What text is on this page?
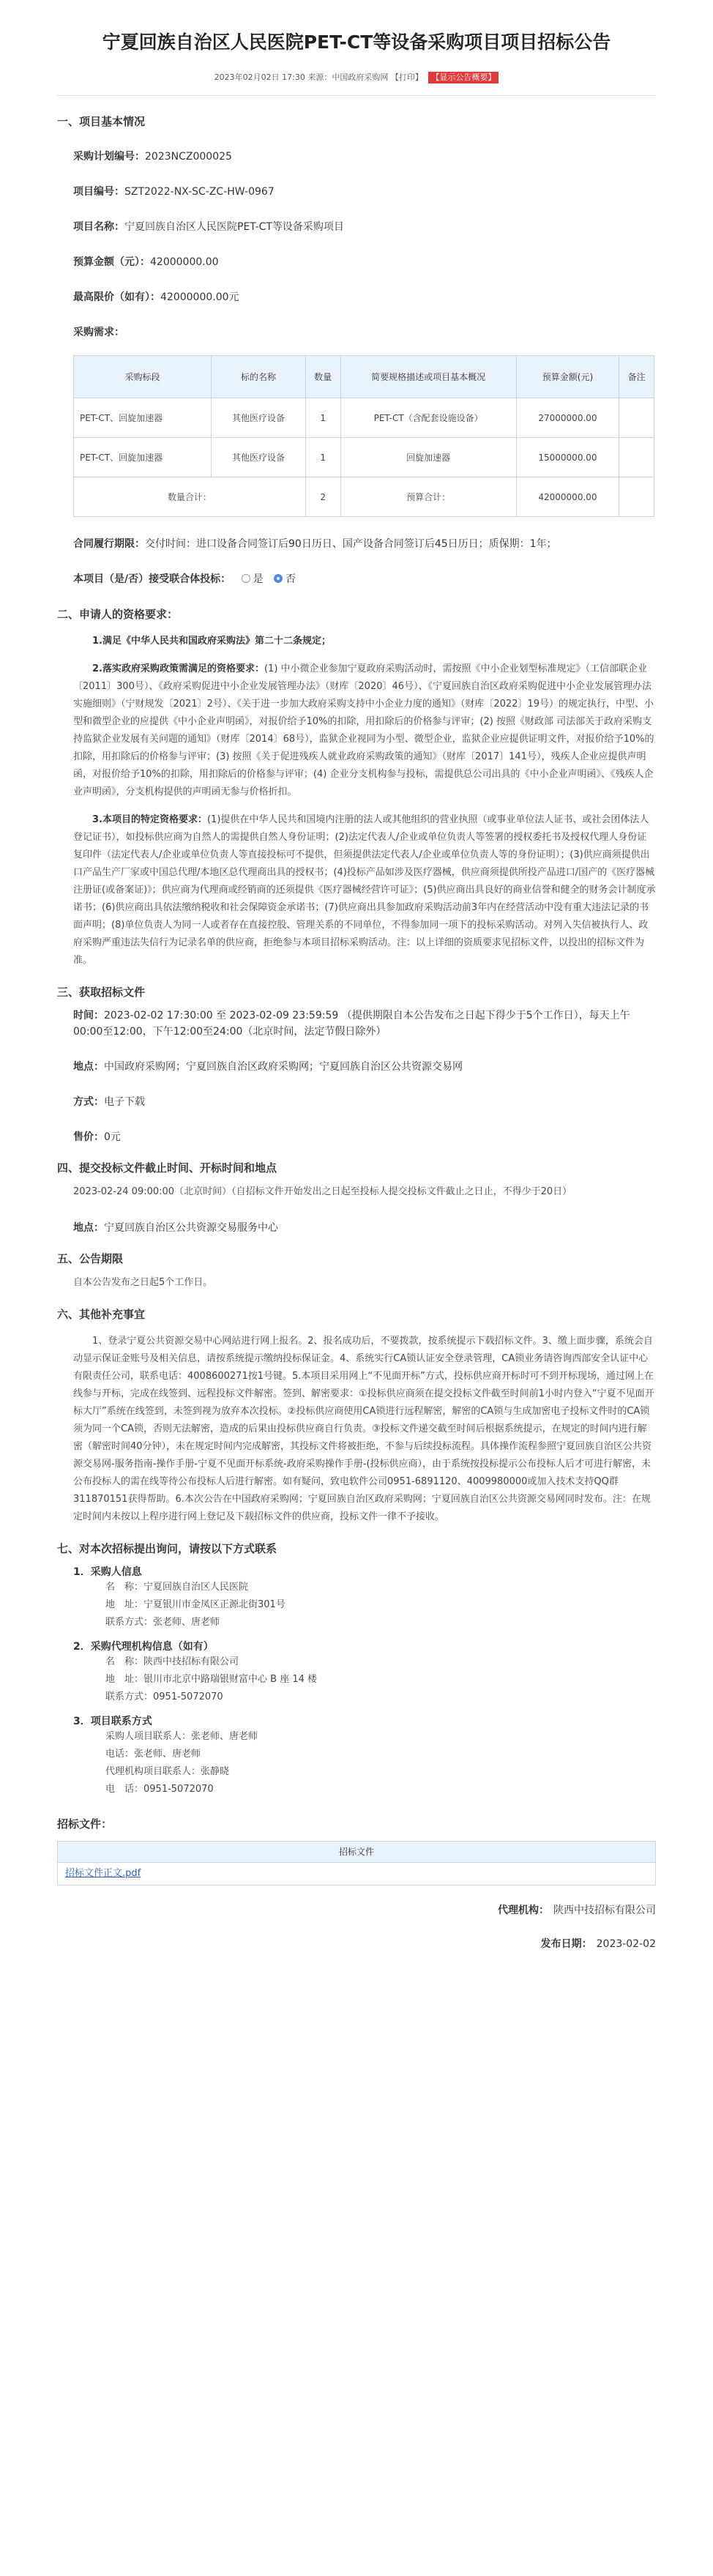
宁夏回族自治区人民医院PET-CT等设备采购项目项目招标公告
2023年02月02日 17:30 来源：中国政府采购网 【打印】 【显示公告概要】
一、项目基本情况
采购计划编号：2023NCZ000025
项目编号：SZT2022-NX-SC-ZC-HW-0967
项目名称：宁夏回族自治区人民医院PET-CT等设备采购项目
预算金额（元）：42000000.00
最高限价（如有）：42000000.00元
采购需求：
采购标段	标的名称	数量	简要规格描述或项目基本概况	预算金额(元)	备注
PET-CT、回旋加速器	其他医疗设备	1	PET-CT（含配套设施设备）	27000000.00	
PET-CT、回旋加速器	其他医疗设备	1	回旋加速器	15000000.00	
数量合计：		2	预算合计：	42000000.00	
合同履行期限：交付时间：进口设备合同签订后90日历日、国产设备合同签订后45日历日；质保期：1年；
本项目（是/否）接受联合体投标： 是 否
二、申请人的资格要求：
1.满足《中华人民共和国政府采购法》第二十二条规定；
2.落实政府采购政策需满足的资格要求：(1) 中小微企业参加宁夏政府采购活动时，需按照《中小企业划型标准规定》（工信部联企业〔2011〕300号）、《政府采购促进中小企业发展管理办法》（财库〔2020〕46号）、《宁夏回族自治区政府采购促进中小企业发展管理办法实施细则》（宁财规发〔2021〕2号）、《关于进一步加大政府采购支持中小企业力度的通知》（财库〔2022〕19号）的规定执行，中型、小型和微型企业的应提供《中小企业声明函》，对报价给予10%的扣除，用扣除后的价格参与评审；(2) 按照《财政部 司法部关于政府采购支持监狱企业发展有关问题的通知》（财库〔2014〕68号），监狱企业视同为小型、微型企业，监狱企业应提供证明文件，对报价给予10%的扣除，用扣除后的价格参与评审；(3) 按照《关于促进残疾人就业政府采购政策的通知》（财库〔2017〕141号），残疾人企业应提供声明函，对报价给予10%的扣除，用扣除后的价格参与评审；(4) 企业分支机构参与投标，需提供总公司出具的《中小企业声明函》、《残疾人企业声明函》，分支机构提供的声明函无参与价格折扣。
3.本项目的特定资格要求：(1)提供在中华人民共和国境内注册的法人或其他组织的营业执照（或事业单位法人证书、或社会团体法人登记证书），如投标供应商为自然人的需提供自然人身份证明；(2)法定代表人/企业或单位负责人等签署的授权委托书及授权代理人身份证复印件（法定代表人/企业或单位负责人等直接投标可不提供，但须提供法定代表人/企业或单位负责人等的身份证明）；(3)供应商须提供出口产品生产厂家或中国总代理/本地区总代理商出具的授权书；(4)投标产品如涉及医疗器械，供应商须提供所投产品进口/国产的《医疗器械注册证(或备案证)》；供应商为代理商或经销商的还须提供《医疗器械经营许可证》；(5)供应商出具良好的商业信誉和健全的财务会计制度承诺书；(6)供应商出具依法缴纳税收和社会保障资金承诺书；(7)供应商出具参加政府采购活动前3年内在经营活动中没有重大违法记录的书面声明；(8)单位负责人为同一人或者存在直接控股、管理关系的不同单位，不得参加同一项下的投标采购活动。对列入失信被执行人、政府采购严重违法失信行为记录名单的供应商，拒绝参与本项目招标采购活动。注：以上详细的资质要求见招标文件，以投出的招标文件为准。
三、获取招标文件
时间：2023-02-02 17:30:00 至 2023-02-09 23:59:59 （提供期限自本公告发布之日起下得少于5个工作日），每天上午00:00至12:00，下午12:00至24:00（北京时间，法定节假日除外）
地点：中国政府采购网；宁夏回族自治区政府采购网；宁夏回族自治区公共资源交易网
方式：电子下载
售价：0元
四、提交投标文件截止时间、开标时间和地点
2023-02-24 09:00:00（北京时间）（自招标文件开始发出之日起至投标人提交投标文件截止之日止，不得少于20日）
地点：宁夏回族自治区公共资源交易服务中心
五、公告期限
自本公告发布之日起5个工作日。
六、其他补充事宜
1、登录宁夏公共资源交易中心网站进行网上报名。2、报名成功后，不要拨款，按系统提示下载招标文件。3、缴上面步骤，系统会自动显示保证金账号及相关信息，请按系统提示缴纳投标保证金。4、系统实行CA锁认证安全登录管理，CA锁业务请咨询西部安全认证中心有限责任公司，联系电话：4008600271按1号键。5.本项目采用网上“不见面开标”方式，投标供应商开标时可不到开标现场，通过网上在线参与开标，完成在线签到、远程投标文件解密。签到、解密要求：①投标供应商须在提交投标文件截至时间前1小时内登入“宁夏不见面开标大厅”系统在线签到，未签到视为放弃本次投标。②投标供应商使用CA锁进行远程解密，解密的CA锁与生成加密电子投标文件时的CA锁须为同一个CA锁，否则无法解密，造成的后果由投标供应商自行负责。③投标文件递交截至时间后根据系统提示，在规定的时间内进行解密（解密时间40分钟），未在规定时间内完成解密，其投标文件将被拒绝，不参与后续投标流程。具体操作流程参照宁夏回族自治区公共资源交易网-服务指南-操作手册-宁夏不见面开标系统-政府采购操作手册-(投标供应商），由于系统按投标提示公布投标人后才可进行解密，未公布投标人的需在线等待公布投标人后进行解密。如有疑问，致电软件公司0951-6891120、4009980000或加入技术支持QQ群311870151获得帮助。6.本次公告在中国政府采购网；宁夏回族自治区政府采购网；宁夏回族自治区公共资源交易网同时发布。注：在规定时间内未按以上程序进行网上登记及下载招标文件的供应商，投标文件一律不予接收。
七、对本次招标提出询问，请按以下方式联系
1．采购人信息
名　称：宁夏回族自治区人民医院
地　址：宁夏银川市金凤区正源北街301号
联系方式：张老师、唐老师
2．采购代理机构信息（如有）
名　称：陕西中技招标有限公司
地　址：银川市北京中路瑞银财富中心 B 座 14 楼
联系方式：0951-5072070
3．项目联系方式
采购人项目联系人：张老师、唐老师
电话：张老师、唐老师
代理机构项目联系人：张静晓
电　话：0951-5072070
招标文件：
招标文件
招标文件正文.pdf
代理机构： 陕西中技招标有限公司
发布日期： 2023-02-02
